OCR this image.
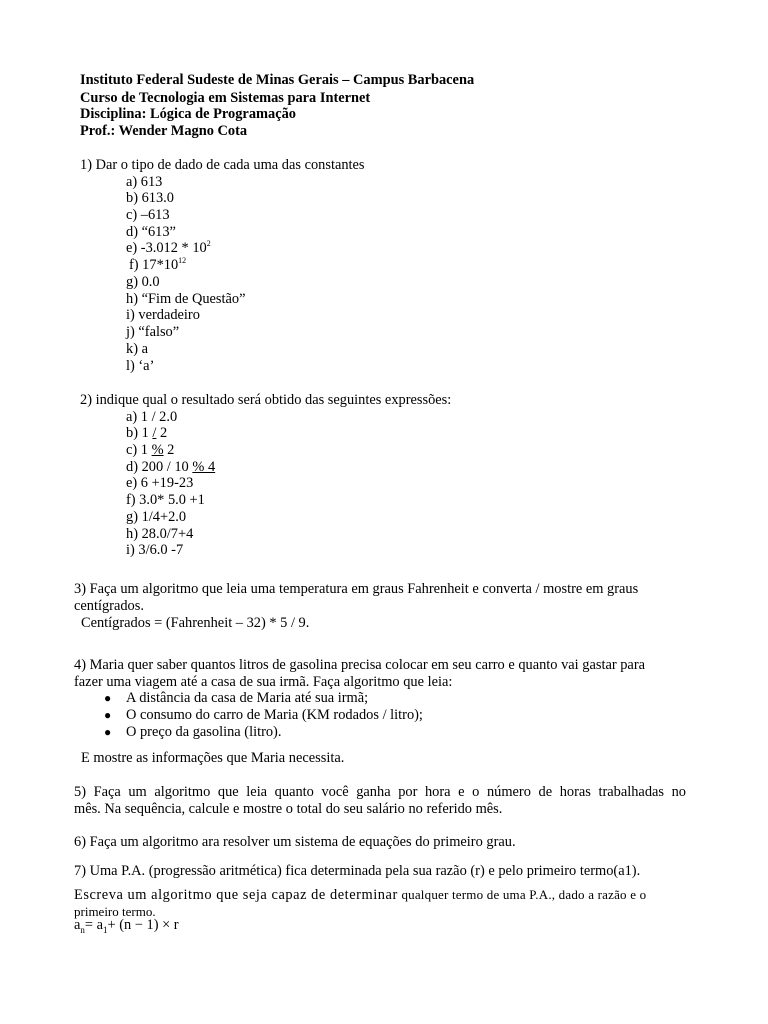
Instituto Federal Sudeste de Minas Gerais – Campus Barbacena
Curso de Tecnologia em Sistemas para Internet
Disciplina: Lógica de Programação
Prof.: Wender Magno Cota
1) Dar o tipo de dado de cada uma das constantes
a) 613
b) 613.0
c) –613
d) “613”
e) $-3.012 * 10^2$
f) $17*10^{12}$
g) 0.0
h) “Fim de Questão”
i) verdadeiro
j) “falso”
k) a
l) ‘a’
2) indique qual o resultado será obtido das seguintes expressões:
a) 1 / 2.0
b) 1 / 2
c) 1 % 2
d) 200 / 10 % 4
e) 6 +19-23
f) 3.0* 5.0 +1
g) 1/4+2.0
h) 28.0/7+4
i) 3/6.0 -7
3) Faça um algoritmo que leia uma temperatura em graus Fahrenheit e converta / mostre em graus
centígrados.
Centígrados = (Fahrenheit – 32) * 5 / 9.
4) Maria quer saber quantos litros de gasolina precisa colocar em seu carro e quanto vai gastar para
fazer uma viagem até a casa de sua irmã. Faça algoritmo que leia:
● A distância da casa de Maria até sua irmã;
● O consumo do carro de Maria (KM rodados / litro);
● O preço da gasolina (litro).
E mostre as informações que Maria necessita.
5) Faça um algoritmo que leia quanto você ganha por hora e o número de horas trabalhadas no
mês. Na sequência, calcule e mostre o total do seu salário no referido mês.
6) Faça um algoritmo ara resolver um sistema de equações do primeiro grau.
7) Uma P.A. (progressão aritmética) fica determinada pela sua razão (r) e pelo primeiro termo(a1).
Escreva um algoritmo que seja capaz de determinar qualquer termo de uma P.A., dado a razão e o
primeiro termo.
$a_n= a_1+ (n - 1) \times r$
